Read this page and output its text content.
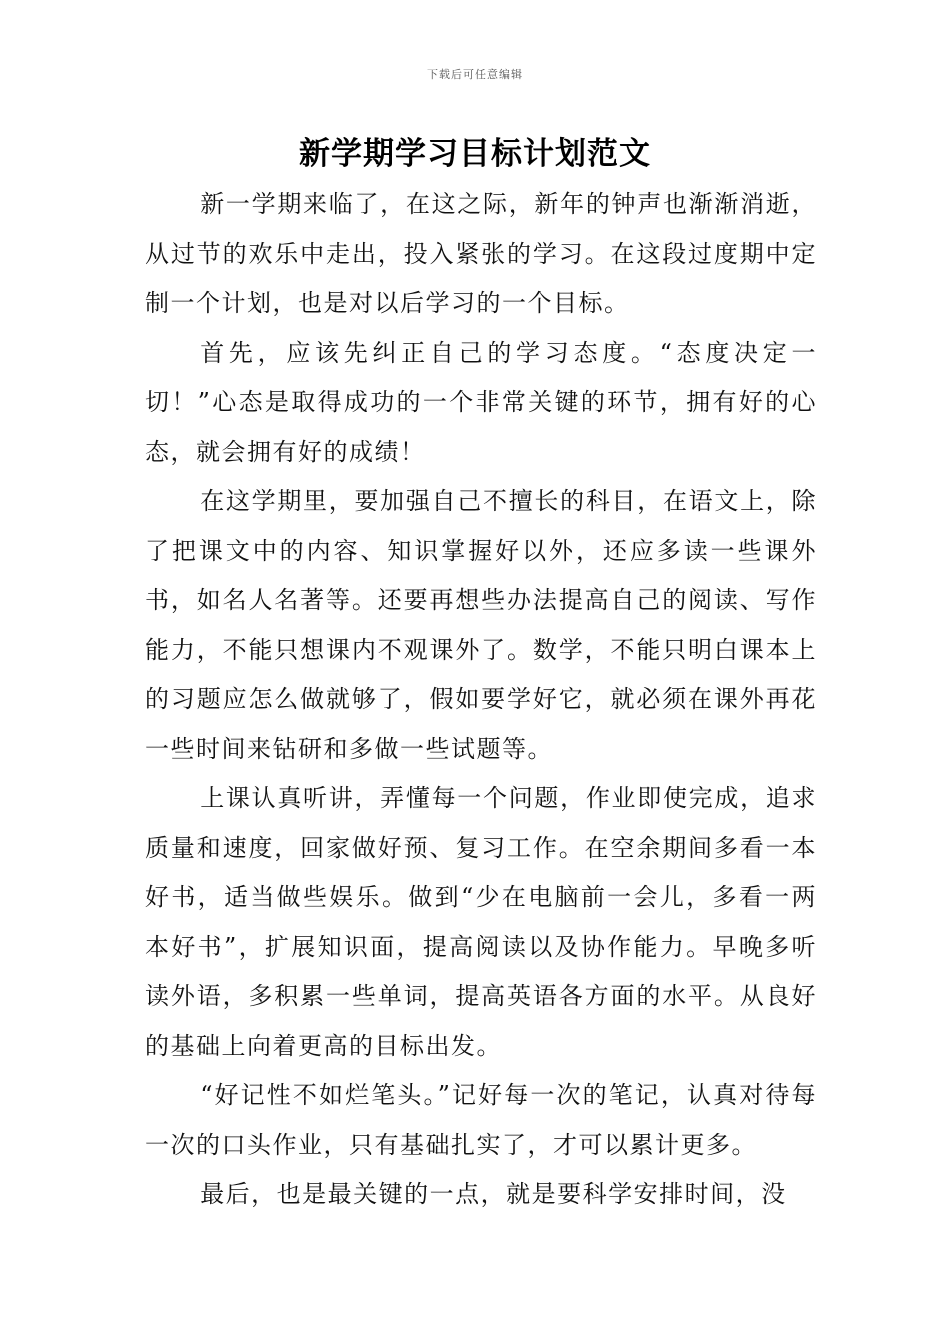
下载后可任意编辑
新学期学习目标计划范文

新一学期来临了，在这之际，新年的钟声也渐渐消逝，从过节的欢乐中走出，投入紧张的学习。在这段过度期中定制一个计划，也是对以后学习的一个目标。

首先，应该先纠正自己的学习态度。“态度决定一切！”心态是取得成功的一个非常关键的环节，拥有好的心态，就会拥有好的成绩！

在这学期里，要加强自己不擅长的科目，在语文上，除了把课文中的内容、知识掌握好以外，还应多读一些课外书，如名人名著等。还要再想些办法提高自己的阅读、写作能力，不能只想课内不观课外了。数学，不能只明白课本上的习题应怎么做就够了，假如要学好它，就必须在课外再花一些时间来钻研和多做一些试题等。

上课认真听讲，弄懂每一个问题，作业即使完成，追求质量和速度，回家做好预、复习工作。在空余期间多看一本好书，适当做些娱乐。做到“少在电脑前一会儿，多看一两本好书”，扩展知识面，提高阅读以及协作能力。早晚多听读外语，多积累一些单词，提高英语各方面的水平。从良好的基础上向着更高的目标出发。

“好记性不如烂笔头。”记好每一次的笔记，认真对待每一次的口头作业，只有基础扎实了，才可以累计更多。

最后，也是最关键的一点，就是要科学安排时间，没
